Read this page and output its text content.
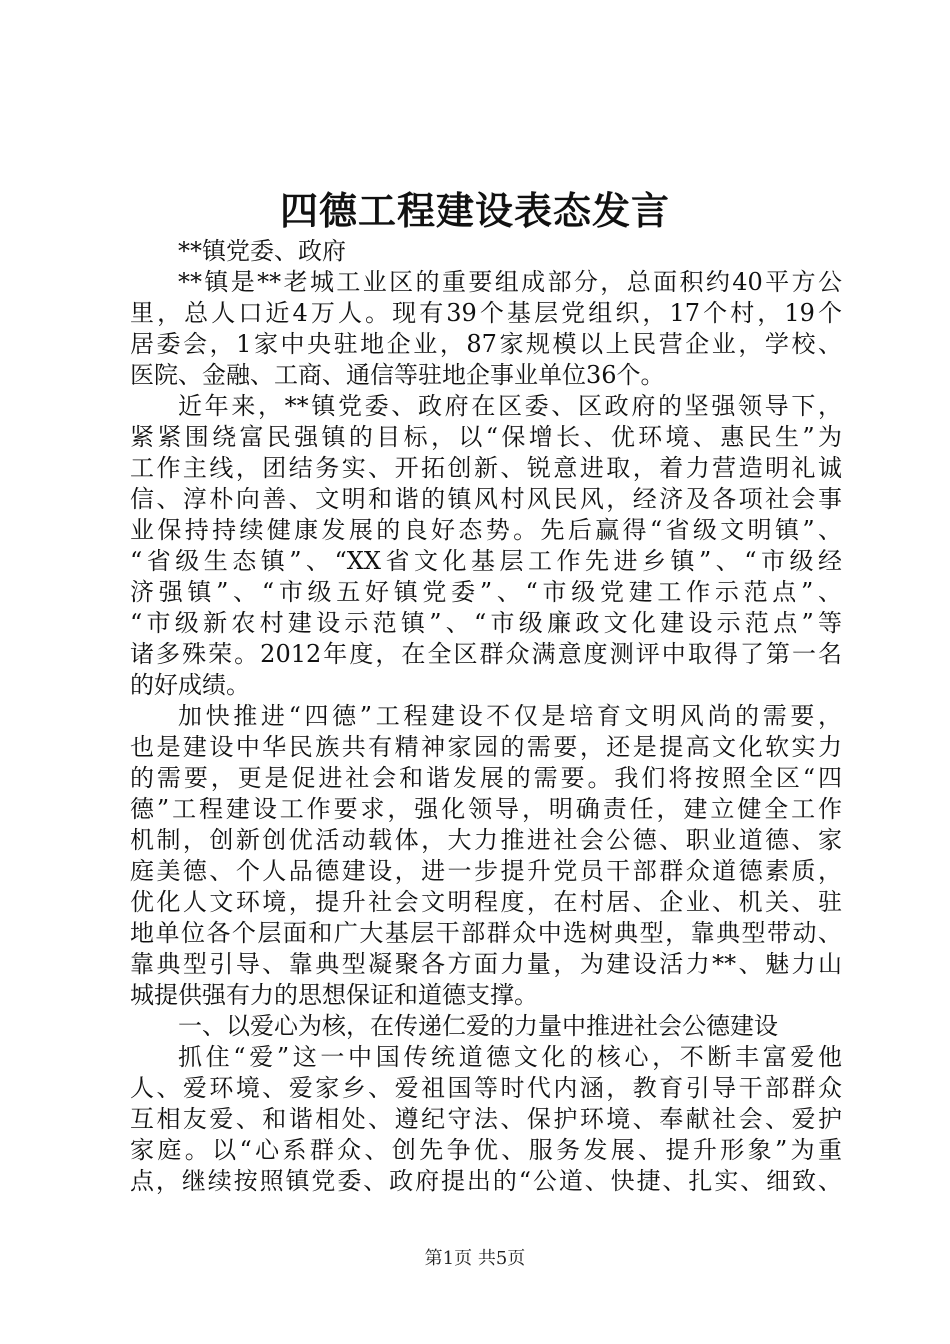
四德工程建设表态发言
**镇党委、政府
**镇是**老城工业区的重要组成部分，总面积约40平方公
里，总人口近4万人。现有39个基层党组织，17个村，19个
居委会，1家中央驻地企业，87家规模以上民营企业，学校、
医院、金融、工商、通信等驻地企事业单位36个。
近年来，**镇党委、政府在区委、区政府的坚强领导下，
紧紧围绕富民强镇的目标，以“保增长、优环境、惠民生”为
工作主线，团结务实、开拓创新、锐意进取，着力营造明礼诚
信、淳朴向善、文明和谐的镇风村风民风，经济及各项社会事
业保持持续健康发展的良好态势。先后赢得“省级文明镇”、
“省级生态镇”、“XX省文化基层工作先进乡镇”、“市级经
济强镇”、“市级五好镇党委”、“市级党建工作示范点”、
“市级新农村建设示范镇”、“市级廉政文化建设示范点”等
诸多殊荣。2012年度，在全区群众满意度测评中取得了第一名
的好成绩。
加快推进“四德”工程建设不仅是培育文明风尚的需要，
也是建设中华民族共有精神家园的需要，还是提高文化软实力
的需要，更是促进社会和谐发展的需要。我们将按照全区“四
德”工程建设工作要求，强化领导，明确责任，建立健全工作
机制，创新创优活动载体，大力推进社会公德、职业道德、家
庭美德、个人品德建设，进一步提升党员干部群众道德素质，
优化人文环境，提升社会文明程度，在村居、企业、机关、驻
地单位各个层面和广大基层干部群众中选树典型，靠典型带动、
靠典型引导、靠典型凝聚各方面力量，为建设活力**、魅力山
城提供强有力的思想保证和道德支撑。
一、以爱心为核，在传递仁爱的力量中推进社会公德建设
抓住“爱”这一中国传统道德文化的核心，不断丰富爱他
人、爱环境、爱家乡、爱祖国等时代内涵，教育引导干部群众
互相友爱、和谐相处、遵纪守法、保护环境、奉献社会、爱护
家庭。以“心系群众、创先争优、服务发展、提升形象”为重
点，继续按照镇党委、政府提出的“公道、快捷、扎实、细致、
第1页 共5页
